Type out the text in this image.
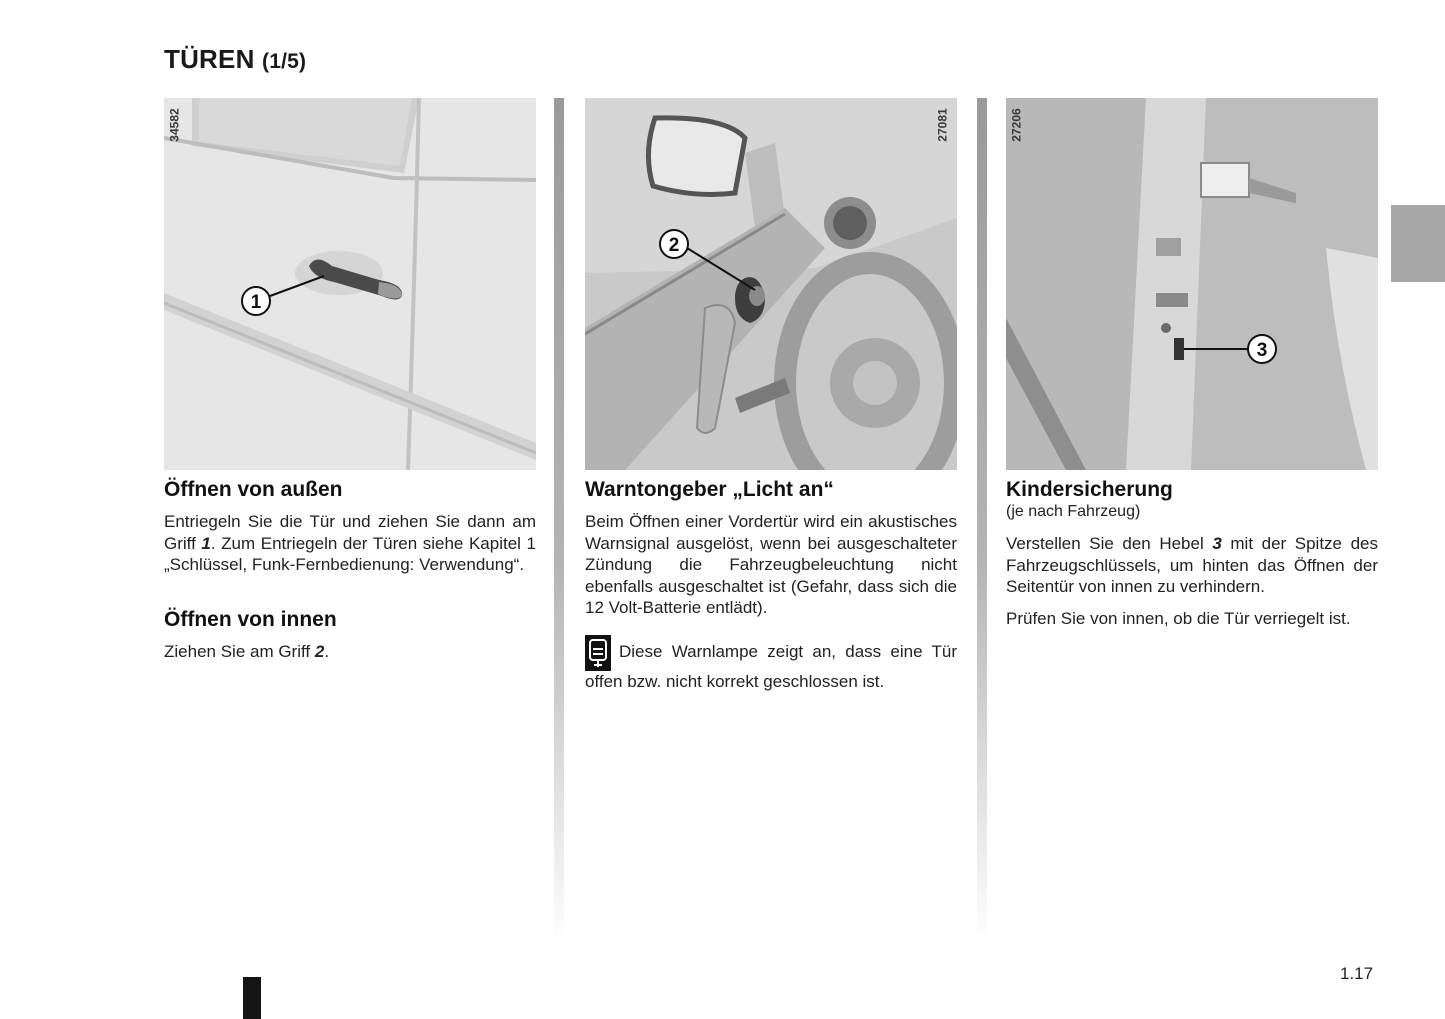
TÜREN (1/5)
1
34582
Öffnen von außen

Entriegeln Sie die Tür und ziehen Sie dann am Griff 1. Zum Entriegeln der Türen siehe Kapitel 1 „Schlüssel, Funk-Fernbedienung: Verwendung“.

Öffnen von innen

Ziehen Sie am Griff 2.

2
27081
Warntongeber „Licht an“

Beim Öffnen einer Vordertür wird ein akustisches Warnsignal ausgelöst, wenn bei ausgeschalteter Zündung die Fahrzeugbeleuchtung nicht ebenfalls ausgeschaltet ist (Gefahr, dass sich die 12 Volt-Batterie entlädt).

Diese Warnlampe zeigt an, dass eine Tür offen bzw. nicht korrekt geschlossen ist.

3
27206
Kindersicherung
(je nach Fahrzeug)

Verstellen Sie den Hebel 3 mit der Spitze des Fahrzeugschlüssels, um hinten das Öffnen der Seitentür von innen zu verhindern.

Prüfen Sie von innen, ob die Tür verriegelt ist.

1.17
